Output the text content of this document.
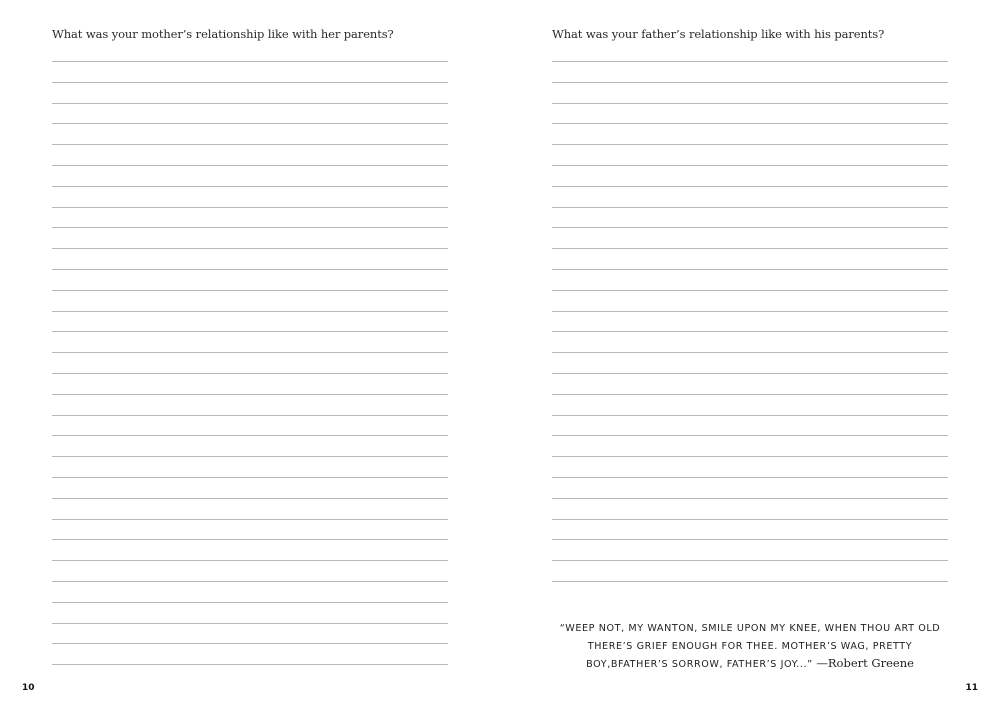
What was your mother’s relationship like with her parents?

10

What was your father’s relationship like with his parents?

“WEEP NOT, MY WANTON, SMILE UPON MY KNEE, WHEN THOU ART OLD THERE’S GRIEF ENOUGH FOR THEE. MOTHER’S WAG, PRETTY BOY,BFATHER’S SORROW, FATHER’S JOY...” —Robert Greene
11
